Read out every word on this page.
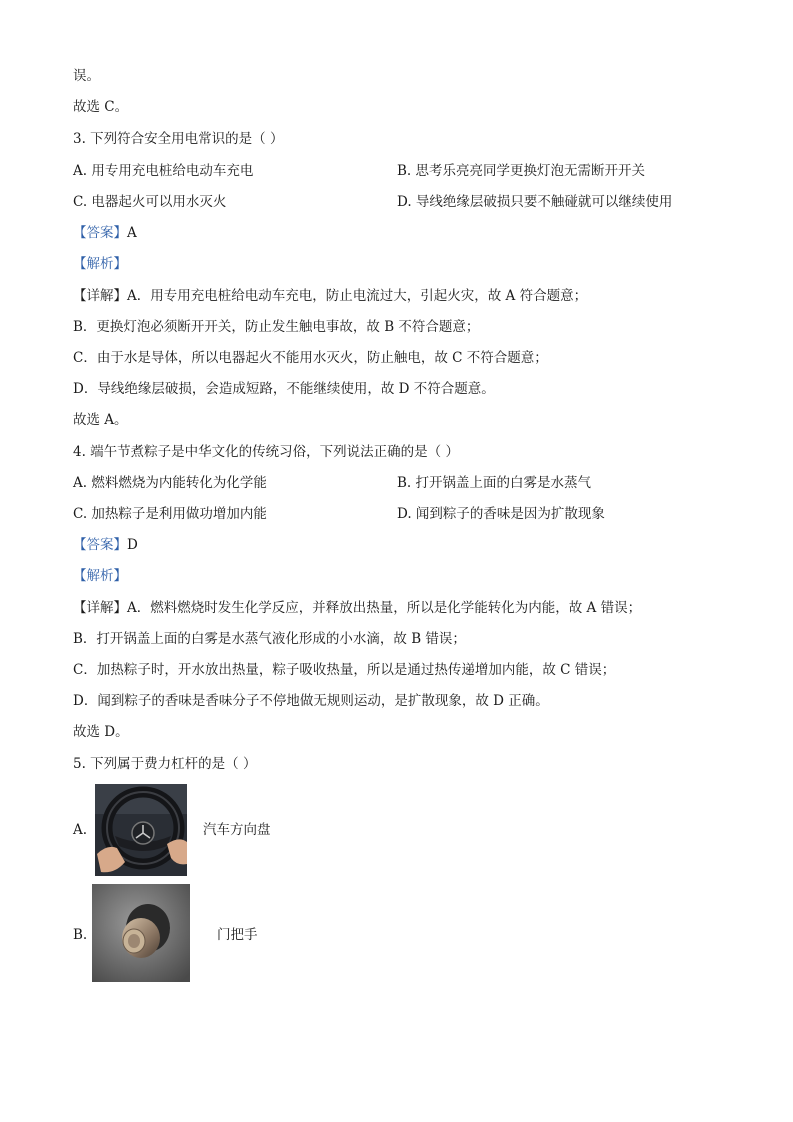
误。
故选 C。
3. 下列符合安全用电常识的是（ ）
A. 用专用充电桩给电动车充电	B. 思考乐亮亮同学更换灯泡无需断开开关
C. 电器起火可以用水灭火	D. 导线绝缘层破损只要不触碰就可以继续使用
【答案】A
【解析】
【详解】A．用专用充电桩给电动车充电，防止电流过大，引起火灾，故 A 符合题意；
B．更换灯泡必须断开开关，防止发生触电事故，故 B 不符合题意；
C．由于水是导体，所以电器起火不能用水灭火，防止触电，故 C 不符合题意；
D．导线绝缘层破损，会造成短路，不能继续使用，故 D 不符合题意。
故选 A。
4. 端午节煮粽子是中华文化的传统习俗，下列说法正确的是（ ）
A. 燃料燃烧为内能转化为化学能	B. 打开锅盖上面的白雾是水蒸气
C. 加热粽子是利用做功增加内能	D. 闻到粽子的香味是因为扩散现象
【答案】D
【解析】
【详解】A．燃料燃烧时发生化学反应，并释放出热量，所以是化学能转化为内能，故 A 错误；
B．打开锅盖上面的白雾是水蒸气液化形成的小水滴，故 B 错误；
C．加热粽子时，开水放出热量，粽子吸收热量，所以是通过热传递增加内能，故 C 错误；
D．闻到粽子的香味是香味分子不停地做无规则运动，是扩散现象，故 D 正确。
故选 D。
5. 下列属于费力杠杆的是（ ）
A.	汽车方向盘
B.	门把手
